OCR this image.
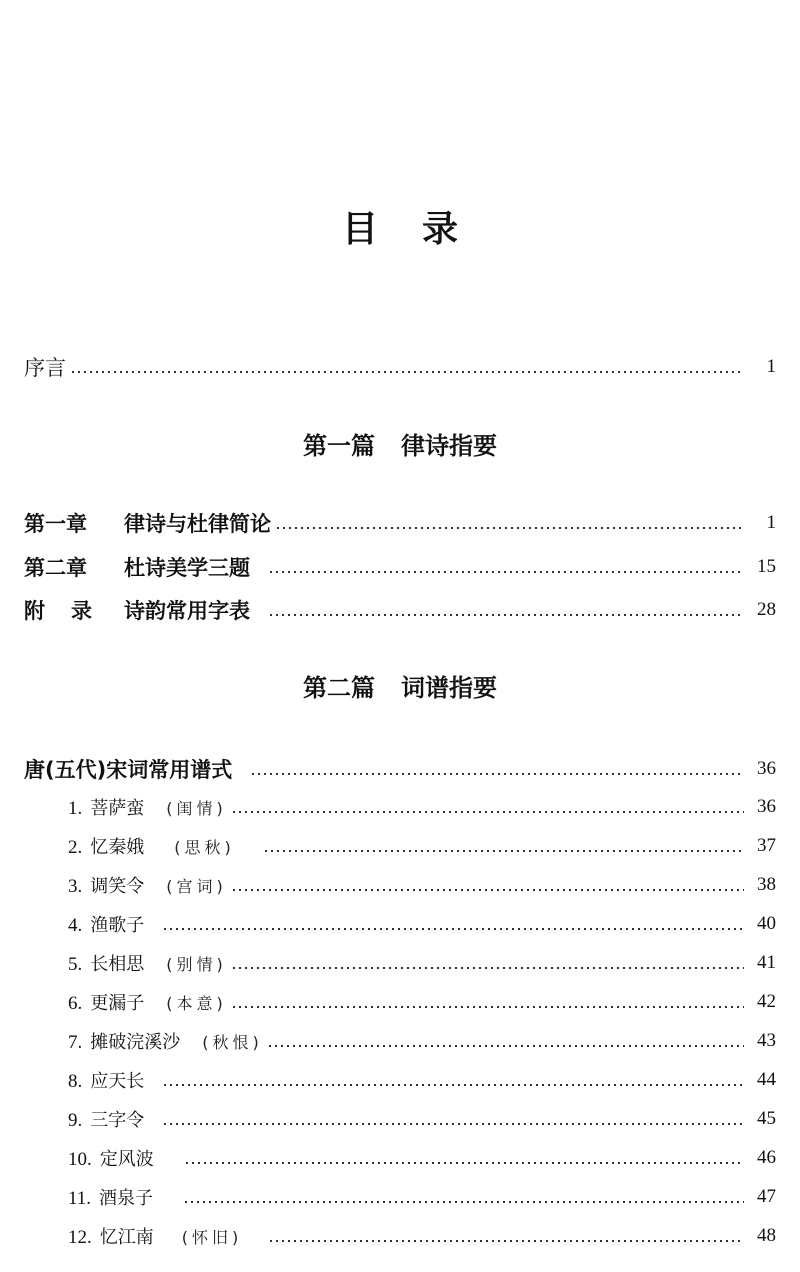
目录
序言	1
第一篇 律诗指要
第一章 律诗与杜律简论	1
第二章 杜诗美学三题	15
附录 诗韵常用字表	28
第二篇 词谱指要
唐(五代)宋词常用谱式	36
1. 菩萨蛮 (闺情)	36
2. 忆秦娥 (思秋)	37
3. 调笑令 (宫词)	38
4. 渔歌子	40
5. 长相思 (别情)	41
6. 更漏子 (本意)	42
7. 摊破浣溪沙 (秋恨)	43
8. 应天长	44
9. 三字令	45
10. 定风波	46
11. 酒泉子	47
12. 忆江南 (怀旧)	48
